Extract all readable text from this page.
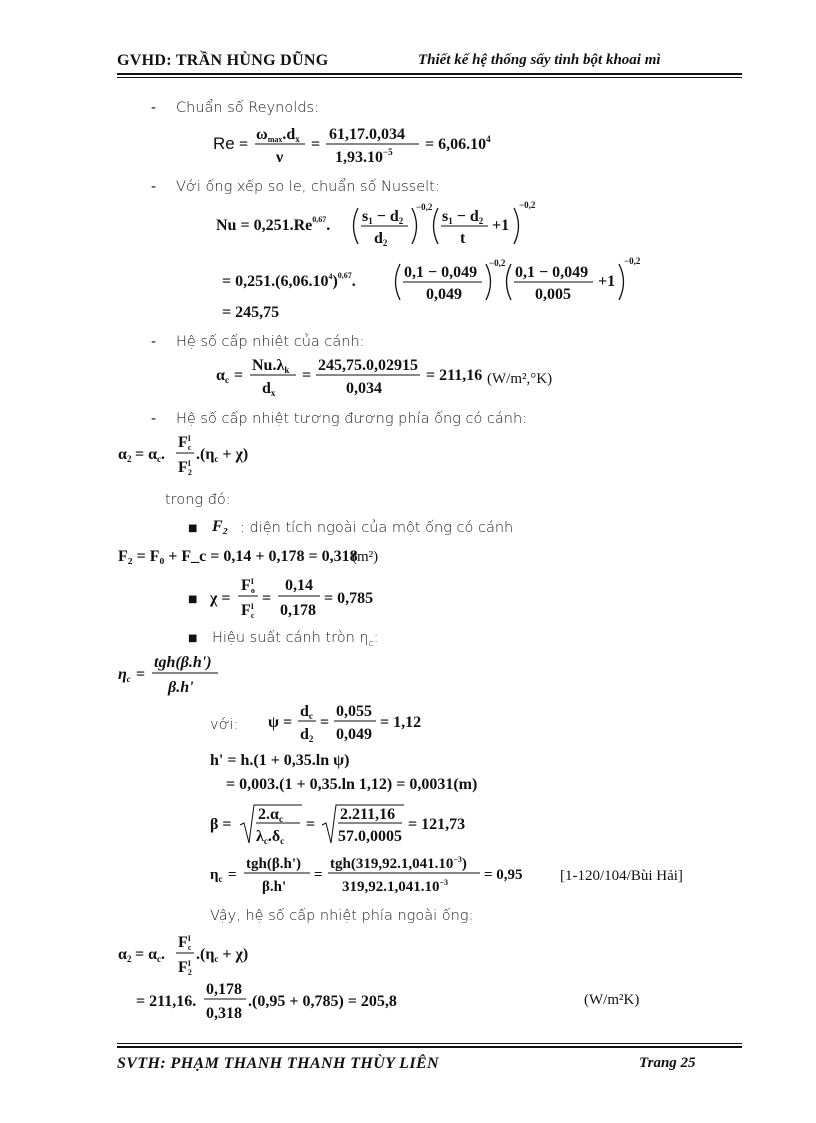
GVHD: TRẦN HÙNG DŨNG	Thiết kế hệ thống sấy tinh bột khoai mì
- Chuẩn số Reynolds:
Re =
ωmax.dx
ν
=
61,17.0,034
$1,93.10^{-5} = 6,06.10^4$
- Với ống xếp so le, chuẩn số Nusselt:
Nu = 0,251.Re$^{0,67}$.
s1 − d2
d2
−0,2
s1 − d2
t
+1
−0,2
= $0,251.(6,06.10^4)^{0,67}$.
0,1 − 0,049
0,049
−0,2
0,1 − 0,049
0,005
+1
−0,2
= 245,75
- Hệ số cấp nhiệt của cánh:
αc =
Nu.λk
dx
=
245,75.0,02915
0,034
= 211,16 (W/m²,°K)
- Hệ số cấp nhiệt tương đương phía ống có cánh:
α2 = αc.
$F^I$ c
$F^I$ 2
.(ηc + χ)
trong đó:
■ F₂ : diện tích ngoài của một ống có cánh
F₂ = F₀ + F_c = 0,14 + 0,178 = 0,318
(m²)
■ χ =
$F^I$ o
$F^I$ c
=
0,14
0,178
= 0,785
■ Hiệu suất cánh tròn $\eta_c$:
ηc =
tgh(β.h')
β.h'
với: ψ =
dc
d2
=
0,055
0,049
= 1,12
h' = h.(1 + 0,35.ln ψ)
= 0,003.(1 + 0,35.ln 1,12) = 0,0031(m)
β =
2.αc
λc.δc
=
2.211,16
57.0,0005
= 121,73
$\eta_c$ =
tgh(β.h')
β.h'
=
$tgh(319,92.1,041.10^{-3})$
$319,92.1,041.10^{-3} = 0,95$ [1-120/104/Bùi Hải]
Vậy, hệ số cấp nhiệt phía ngoài ống:
α2 = αc.
$F^I$ c
$F^I$ 2
.(ηc + χ)
= 211,16.
0,178
0,318
.(0,95 + 0,785) = 205,8	(W/m²K)
SVTH: PHẠM THANH THANH THÙY LIÊN	Trang 25
